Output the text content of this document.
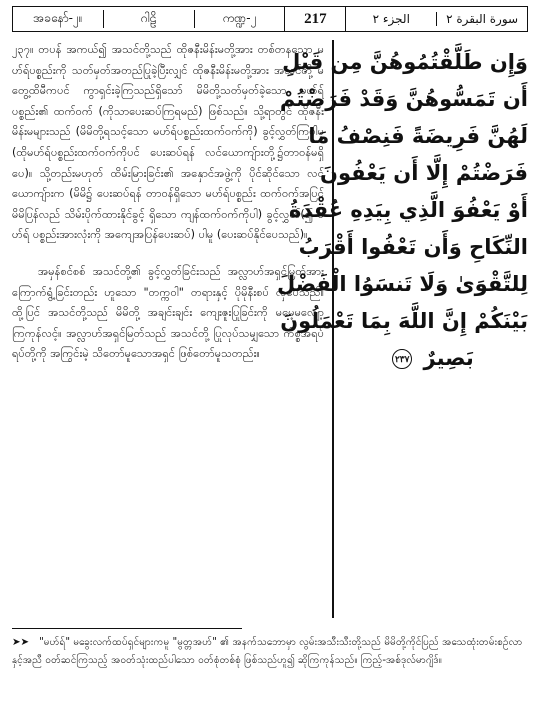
အခနော်-၂။	ဂါဠိ	ကဏ္ဍ-၂	217	الجزء ٢	سورة البقرة ٢

၂၃၇။ တပန် အကယ်၍ အသင်တို့သည် ထိုဇနီးမိန်းမတို့အား တစ်တနသော မဟ်ရ်ပစ္စည်းကို သတ်မှတ်အတည်ပြုခဲ့ပြီးလျှင် ထိုဇနီးမိန်းမတို့အား အသင်တို့ မတွေ့ထိမီကပင် ကွာရှင်းခဲ့ကြသည်ရှိသော် မိမိတို့သတ်မှတ်ခဲ့သော မဟ်ရ်ပစ္စည်း၏ ထက်ဝက် (ကိုသာပေးဆပ်ကြရမည်) ဖြစ်သည်။ သို့ရာတွင် ထိုဇနီးမိန်းမများသည် (မိမိတို့ရသင့်သော မဟ်ရ်ပစ္စည်းထက်ဝက်ကို) ခွင့်လွှတ်ကြပါမူ (ထိုမဟ်ရ်ပစ္စည်းထက်ဝက်ကိုပင် ပေးဆပ်ရန် လင်ယောကျ်ားတို့၌တာဝန်မရှိပေ)။ သို့တည်းမဟုတ် ထိမ်းမြားခြင်း၏ အနှောင်အဖွဲ့ကို ပိုင်ဆိုင်သော လင်ယောကျ်ားက (မိမိ၌ ပေးဆပ်ရန် တာဝန်ရှိသော မဟ်ရ်ပစ္စည်း ထက်ဝက်အပြင် မိမိပြန်လည် သိမ်းပိုက်ထားနိုင်ခွင့် ရှိသော ကျန်ထက်ဝက်ကိုပါ) ခွင့်လွှတ်(၍ မဟ်ရ် ပစ္စည်းအားလုံးကို အကျေအပြန်ပေးဆပ်) ပါမူ (ပေးဆပ်နိုင်ပေသည်)။

အမှန်စင်စစ် အသင်တို့၏ ခွင့်လွှတ်ခြင်းသည် အလ္လာဟ်အရှင်မြတ်အား ကြောက်ရွံ့ခြင်းတည်း ဟူသော "တက္ကဝါ" တရားနှင့် ပိုမိုနီးစပ် လှပေသည်။ ထို့ပြင် အသင်တို့သည် မိမိတို့ အချင်းချင်း ကျေးဇူးပြုခြင်းကို မမေ့မလျော့ ကြကုန်လင့်။ အလ္လာဟ်အရှင်မြတ်သည် အသင်တို့ ပြုလုပ်သမျှသော ကိစ္စအရပ်ရပ်တို့ကို အကြွင်းမဲ့ သိတော်မူသောအရှင် ဖြစ်တော်မူသတည်း။

وَإِن طَلَّقْتُمُوهُنَّ مِن قَبْلِ
أَن تَمَسُّوهُنَّ وَقَدْ فَرَضْتُمْ
لَهُنَّ فَرِيضَةً فَنِصْفُ مَا
فَرَضْتُمْ إِلَّا أَن يَعْفُونَ
أَوْ يَعْفُوَ الَّذِي بِيَدِهِ عُقْدَةُ
النِّكَاحِ وَأَن تَعْفُوا أَقْرَبُ
لِلتَّقْوَىٰ وَلَا تَنسَوُا الْفَضْلَ
بَيْنَكُمْ إِنَّ اللَّهَ بِمَا تَعْمَلُونَ
بَصِيرٌ ٢٣٧
➤➤ "မဟ်ရ်" မခွေးလက်ထပ်ရှင်များကမူ "မွတ္တအဟ်" ၏ အနက်သဘောမှာ လွမ်းအသီးသီးတို့သည် မိမိတို့ကိုင်ပြည် အသေထုံးတမ်းစဉ်လာနှင့်အညီ ဝတ်ဆင်ကြသည့် အဝတ်သုံးထည်ပါသော ဝတ်စုံတစ်စုံ ဖြစ်သည်ဟူ၍ ဆိုကြကုန်သည်။ ကြည့်-အစ်ဒုလ်မာဂျိဒ်။
